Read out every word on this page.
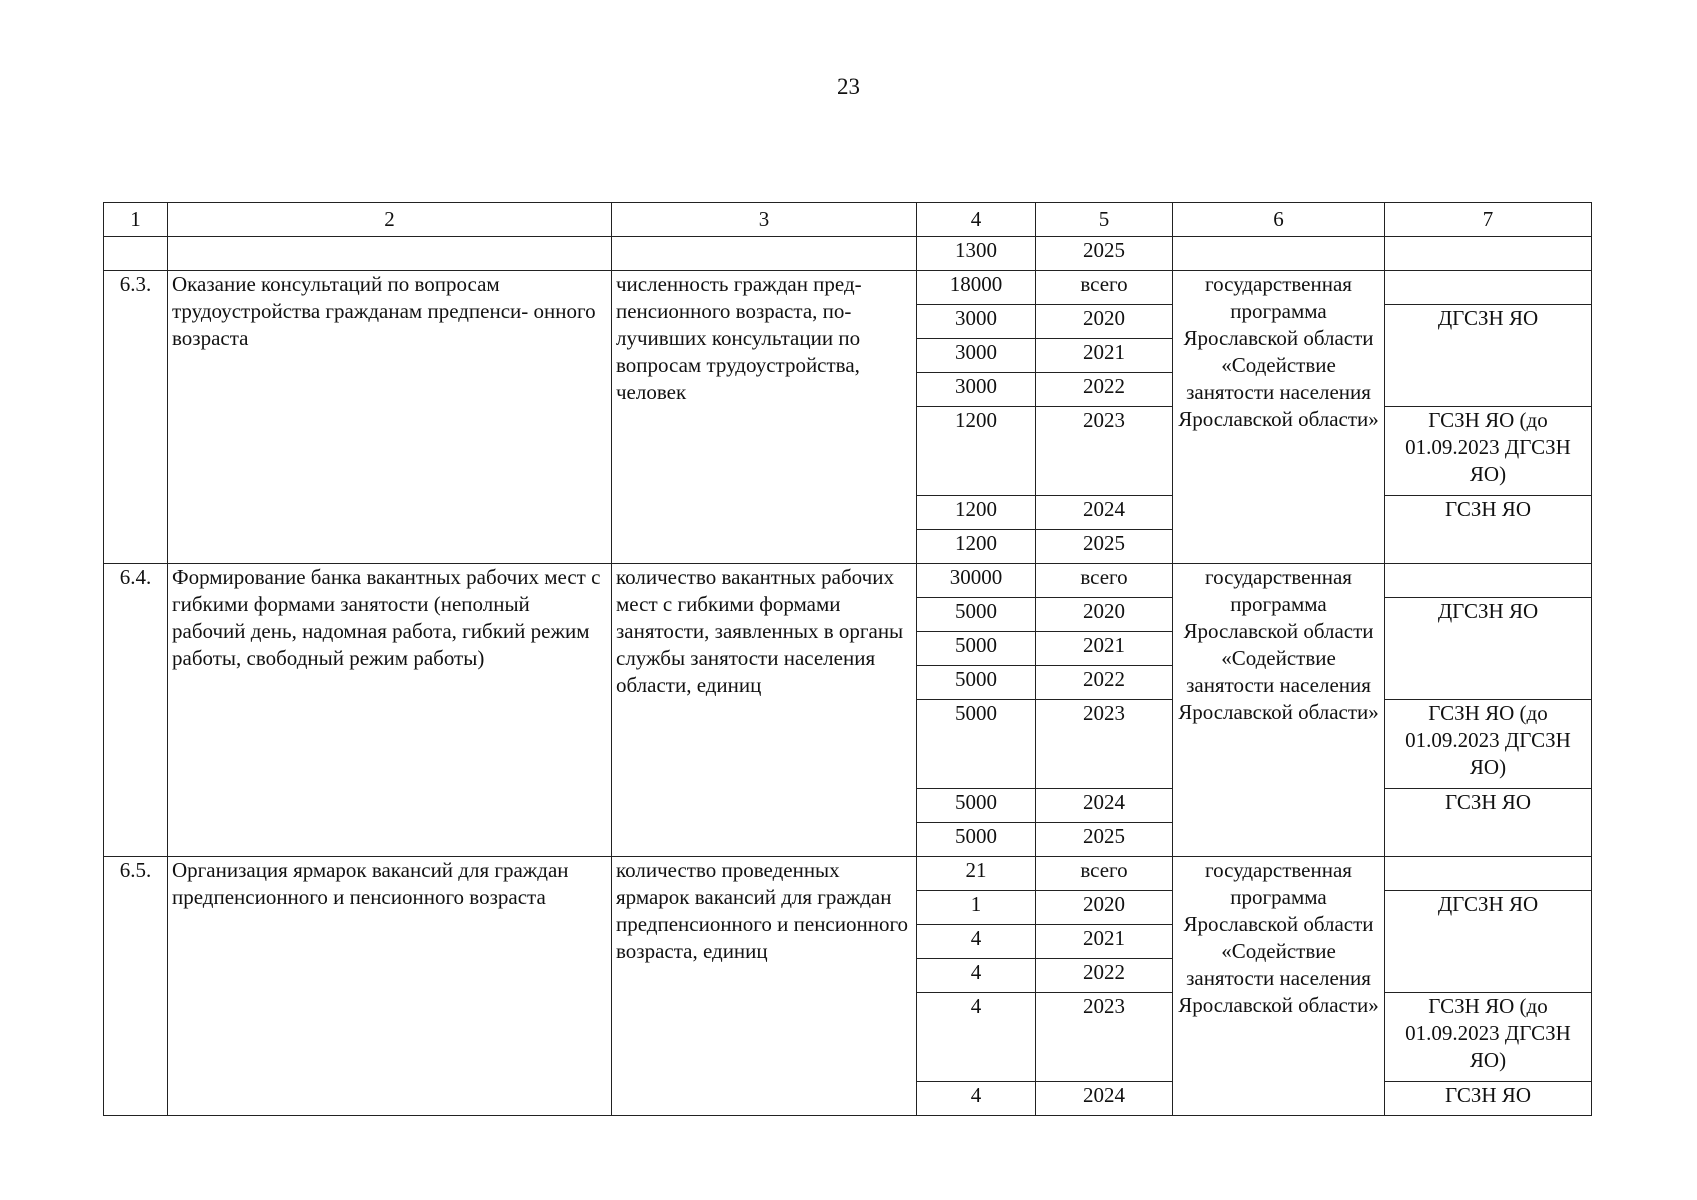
23
1	2	3	4	5	6	7
			1300	2025		
6.3.	Оказание консультаций по вопросам трудоустройства гражданам предпенси- онного возраста	численность граждан пред- пенсионного возраста, по- лучивших консультации по вопросам трудоустройства, человек	18000	всего	государственная программа Ярославской области «Содействие занятости населения Ярославской области»	
			3000	2020		ДГСЗН ЯО
			3000	2021		
			3000	2022		
			1200	2023		ГСЗН ЯО (до 01.09.2023 ДГСЗН ЯО)
			1200	2024		ГСЗН ЯО
			1200	2025		
6.4.	Формирование банка вакантных рабочих мест с гибкими формами занятости (неполный рабочий день, надомная работа, гибкий режим работы, свободный режим работы)	количество вакантных рабочих мест с гибкими формами занятости, заявленных в органы службы занятости населения области, единиц	30000	всего	государственная программа Ярославской области «Содействие занятости населения Ярославской области»	
			5000	2020		ДГСЗН ЯО
			5000	2021		
			5000	2022		
			5000	2023		ГСЗН ЯО (до 01.09.2023 ДГСЗН ЯО)
			5000	2024		ГСЗН ЯО
			5000	2025		
6.5.	Организация ярмарок вакансий для граждан предпенсионного и пенсионного возраста	количество проведенных ярмарок вакансий для граждан предпенсионного и пенсионного возраста, единиц	21	всего	государственная программа Ярославской области «Содействие занятости населения Ярославской области»	
			1	2020		ДГСЗН ЯО
			4	2021		
			4	2022		
			4	2023		ГСЗН ЯО (до 01.09.2023 ДГСЗН ЯО)
			4	2024		ГСЗН ЯО
